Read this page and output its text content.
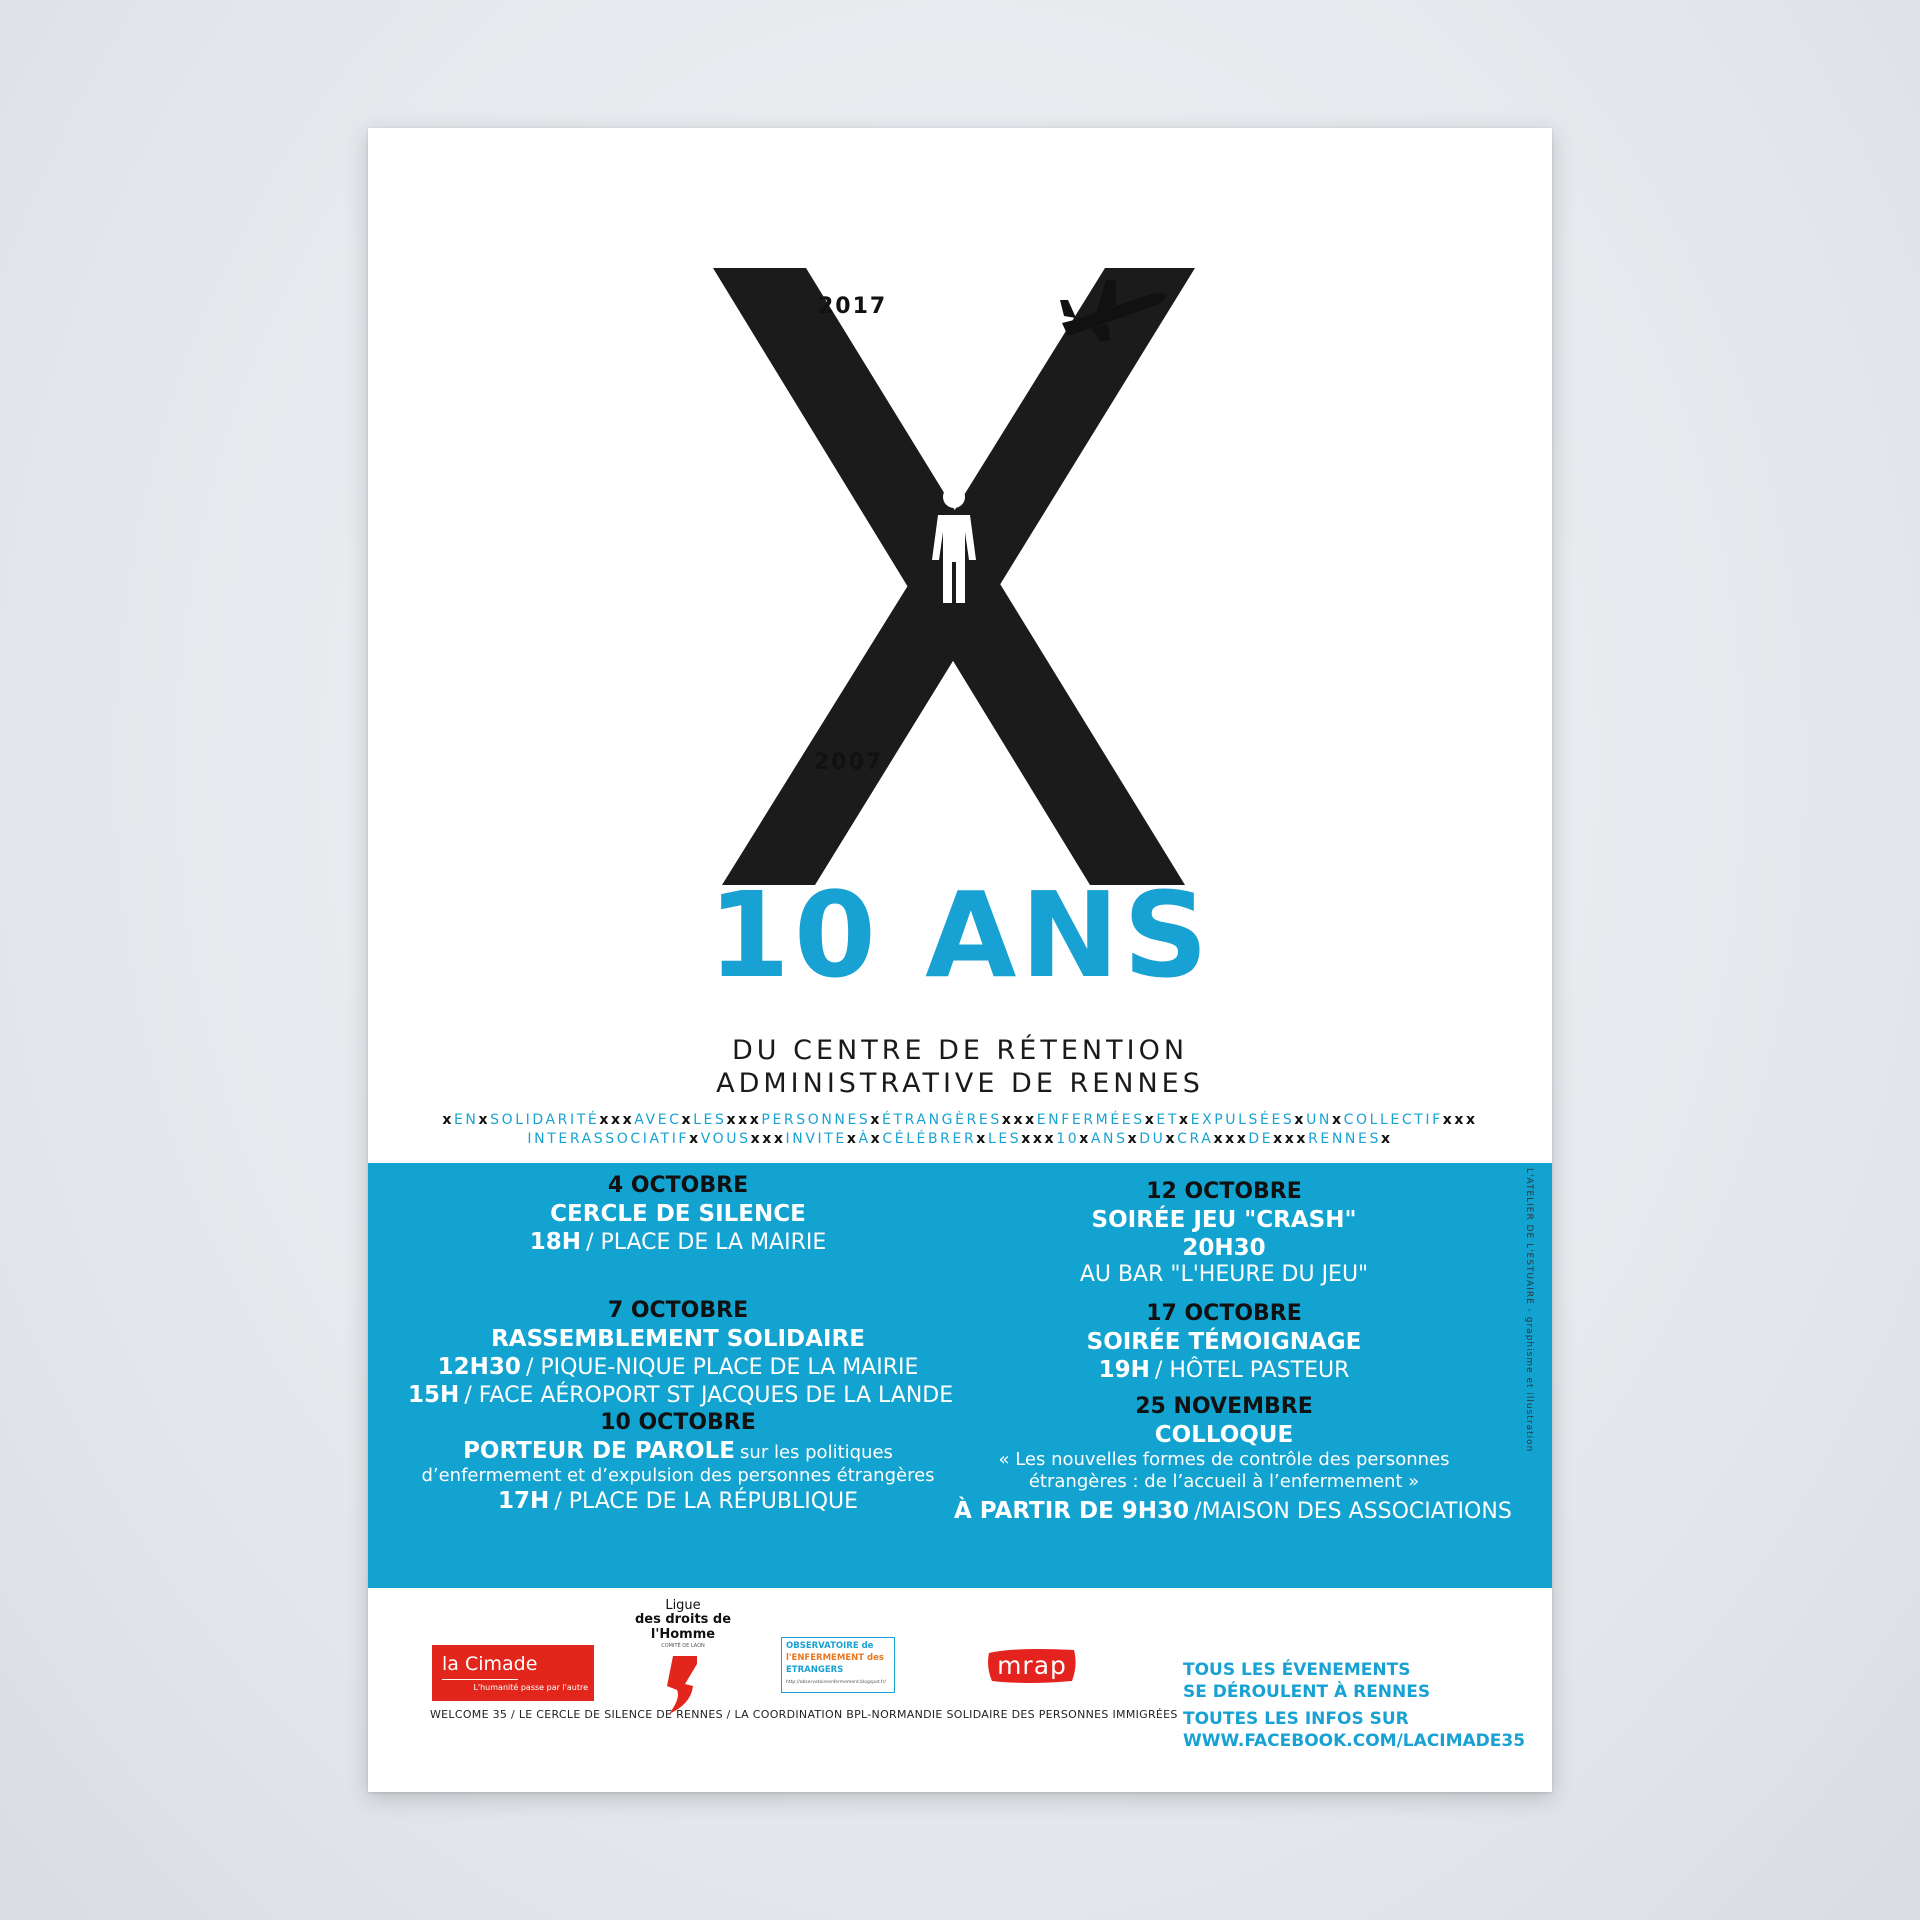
2017
2007
10 ANS
DU CENTRE DE RÉTENTION
ADMINISTRATIVE DE RENNES
xENxSOLIDARITÉxxxAVECxLESxxxPERSONNESxÉTRANGÈRESxxxENFERMÉESxETxEXPULSÉESxUNxCOLLECTIFxxx
INTERASSOCIATIFxVOUSxxxINVITExÀxCÉLÉBRERxLESxxx10xANSxDUxCRAxxxDExxxRENNESx
4 OCTOBRE
CERCLE DE SILENCE
18H / PLACE DE LA MAIRIE
7 OCTOBRE
RASSEMBLEMENT SOLIDAIRE
12H30 / PIQUE-NIQUE PLACE DE LA MAIRIE
15H / FACE AÉROPORT ST JACQUES DE LA LANDE
10 OCTOBRE
PORTEUR DE PAROLE sur les politiques
d’enfermement et d’expulsion des personnes étrangères
17H / PLACE DE LA RÉPUBLIQUE
12 OCTOBRE
SOIRÉE JEU "CRASH"
20H30
AU BAR "L'HEURE DU JEU"
17 OCTOBRE
SOIRÉE TÉMOIGNAGE
19H / HÔTEL PASTEUR
25 NOVEMBRE
COLLOQUE
« Les nouvelles formes de contrôle des personnes
étrangères : de l’accueil à l’enfermement »
À PARTIR DE 9H30 /MAISON DES ASSOCIATIONS
L'ATELIER DE L'ESTUAIRE - graphisme et illustration
la Cimade
L'humanité passe par l'autre
Ligue
des droits de
l'Homme
COMITÉ DE LAON	OBSERVATOIRE de
l'ENFERMEMENT des
ETRANGERS
http://observatoireenfermement.blogspot.fr/
mrap	TOUS LES ÉVENEMENTS
SE DÉROULENT À RENNES
TOUTES LES INFOS SUR
WWW.FACEBOOK.COM/LACIMADE35
WELCOME 35 / LE CERCLE DE SILENCE DE RENNES / LA COORDINATION BPL-NORMANDIE SOLIDAIRE DES PERSONNES IMMIGRÉES
